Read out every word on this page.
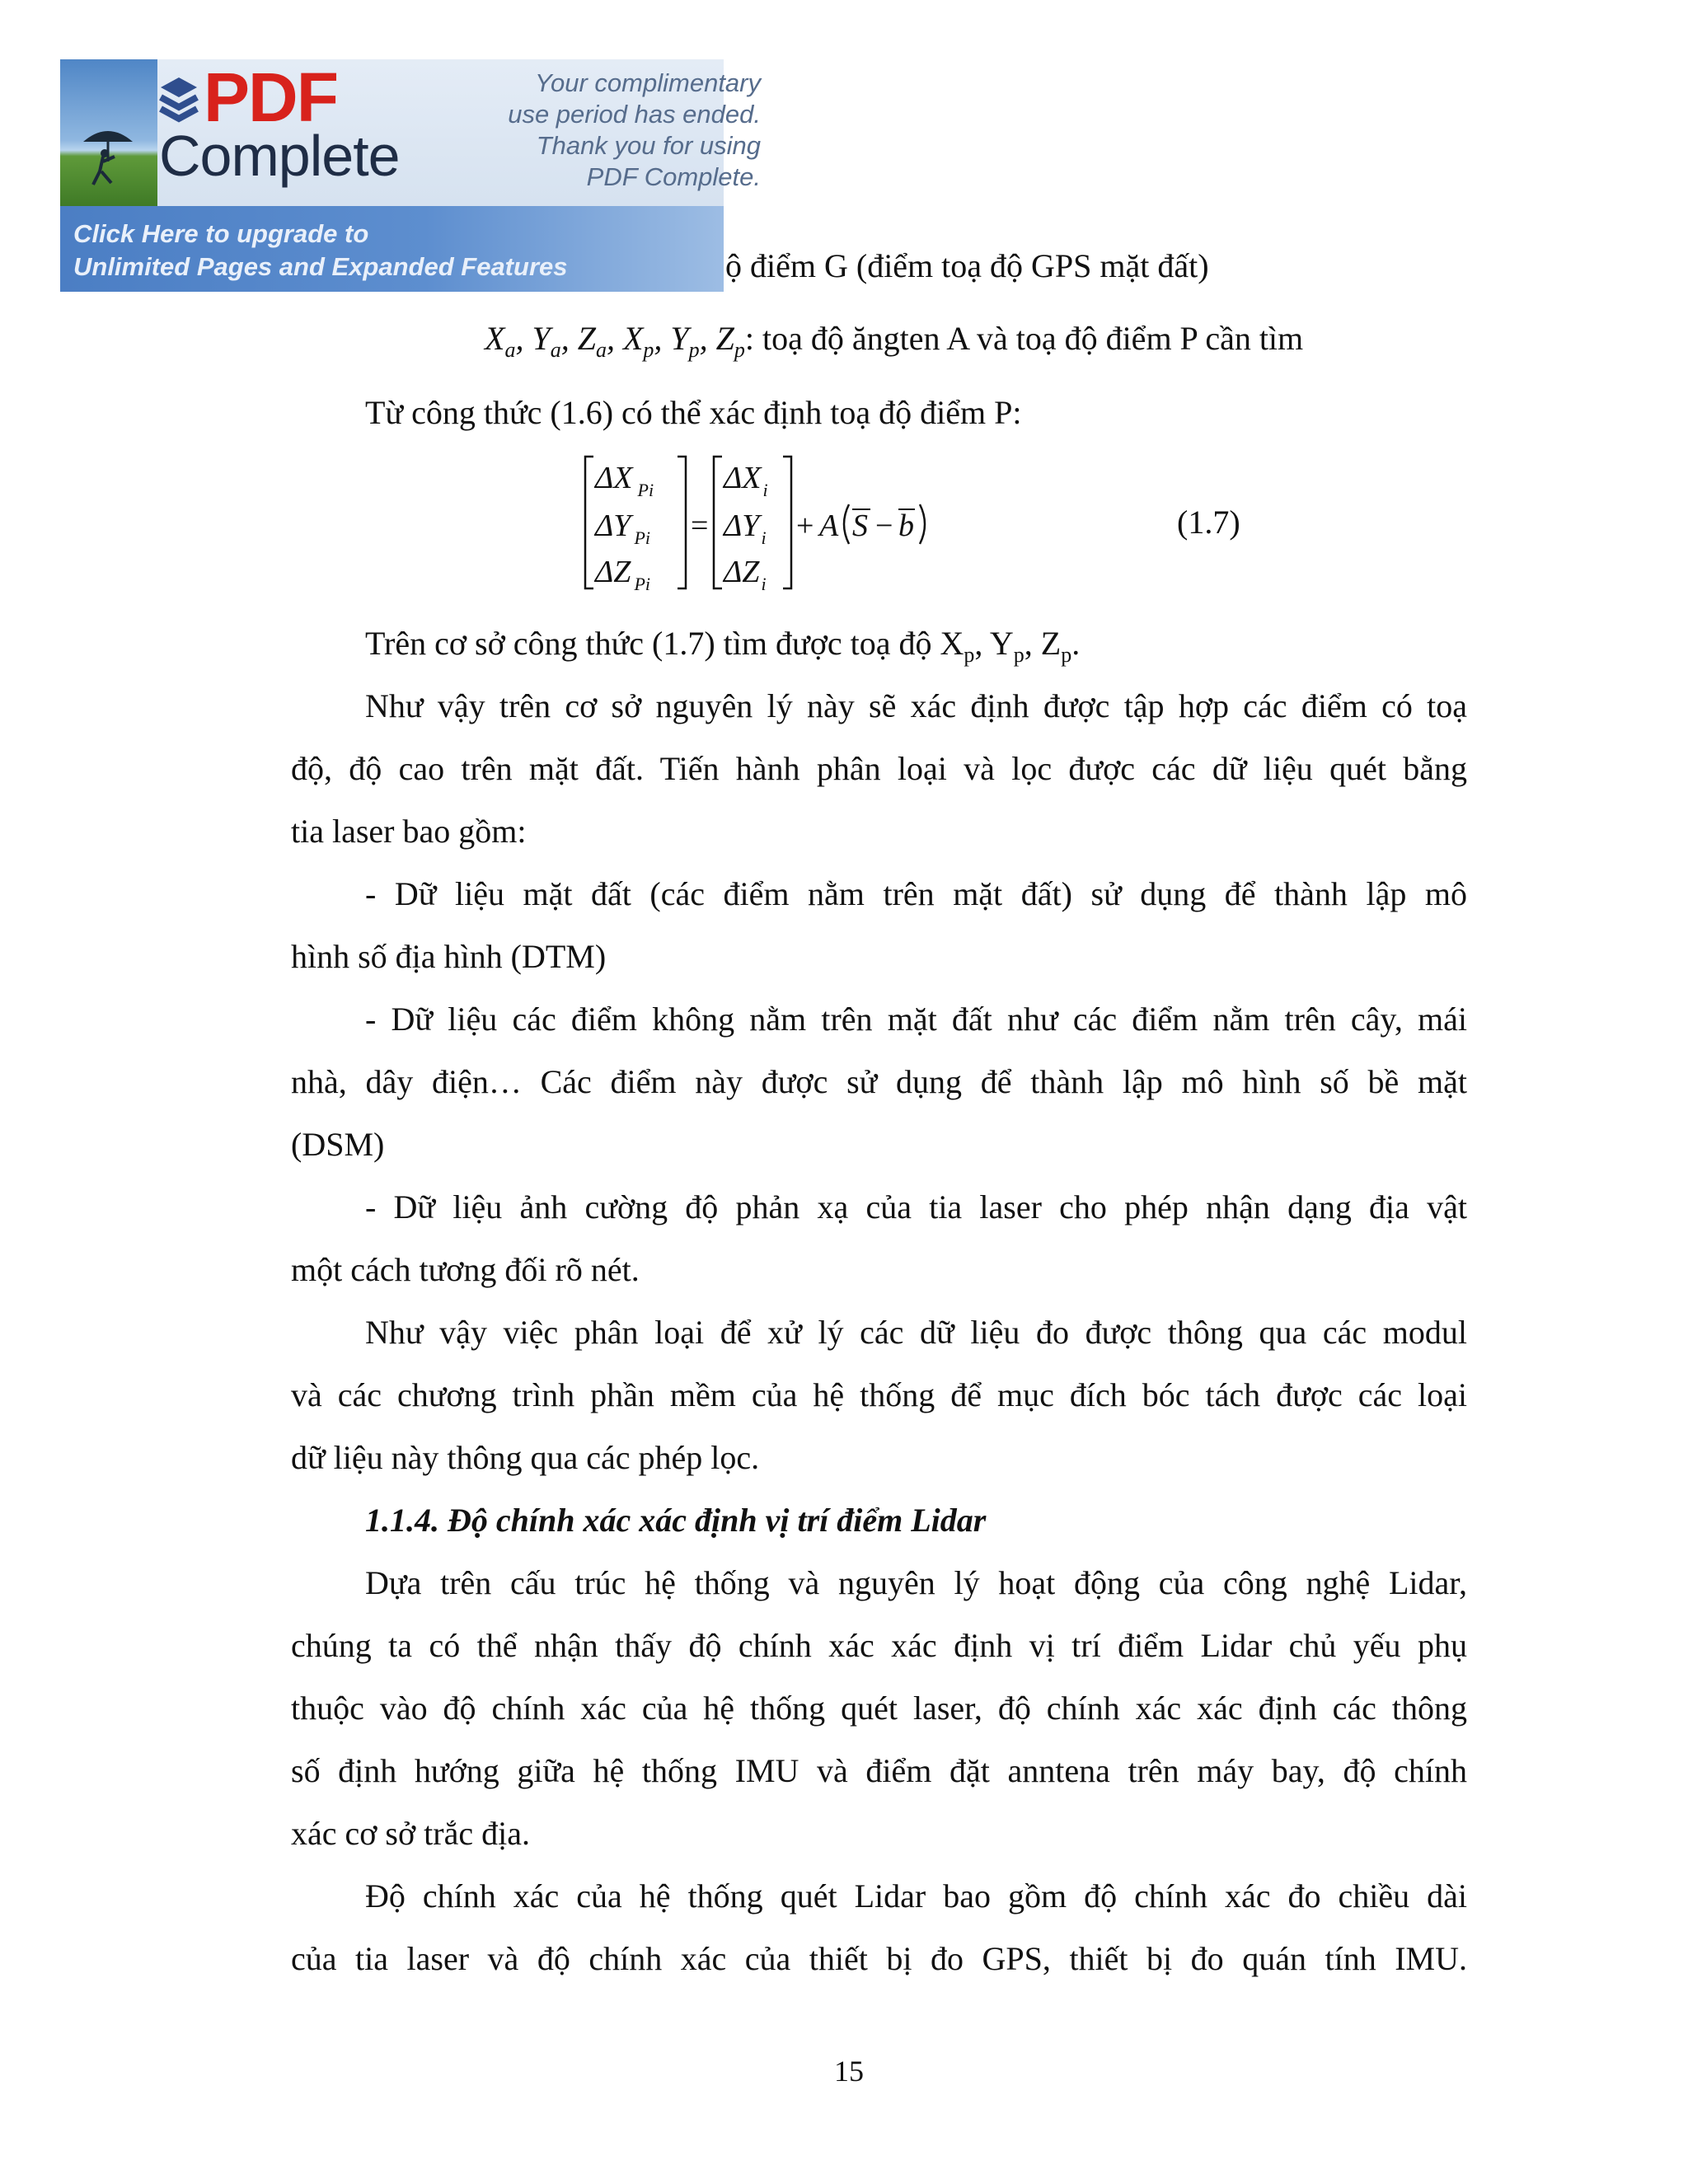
PDF
Complete
Your complimentary
use period has ended.
Thank you for using
PDF Complete.
Click Here to upgrade to
Unlimited Pages and Expanded Features	ộ điểm G (điểm toạ độ GPS mặt đất)
$X_a$, $Y_a$, $Z_a$, $X_p$, $Y_p$, $Z_p$: toạ độ ăngten A và toạ độ điểm P cần tìm
Từ công thức (1.6) có thể xác định toạ độ điểm P:
ΔX $_{Pi}$
ΔY $_{Pi}$
ΔZ $_{Pi}$
=
$\Delta X_i$
$\Delta Y_i$
$\Delta Z_i$
+ A S − b	(1.7)
Trên cơ sở công thức (1.7) tìm được toạ độ $X_p$, $Y_p$, $Z_p$.
Như vậy trên cơ sở nguyên lý này sẽ xác định được tập hợp các điểm có toạ
độ, độ cao trên mặt đất. Tiến hành phân loại và lọc được các dữ liệu quét bằng
tia laser bao gồm:
- Dữ liệu mặt đất (các điểm nằm trên mặt đất) sử dụng để thành lập mô
hình số địa hình (DTM)
- Dữ liệu các điểm không nằm trên mặt đất như các điểm nằm trên cây, mái
nhà, dây điện… Các điểm này được sử dụng để thành lập mô hình số bề mặt
(DSM)
- Dữ liệu ảnh cường độ phản xạ của tia laser cho phép nhận dạng địa vật
một cách tương đối rõ nét.
Như vậy việc phân loại để xử lý các dữ liệu đo được thông qua các modul
và các chương trình phần mềm của hệ thống để mục đích bóc tách được các loại
dữ liệu này thông qua các phép lọc.
1.1.4. Độ chính xác xác định vị trí điểm Lidar
Dựa trên cấu trúc hệ thống và nguyên lý hoạt động của công nghệ Lidar,
chúng ta có thể nhận thấy độ chính xác xác định vị trí điểm Lidar chủ yếu phụ
thuộc vào độ chính xác của hệ thống quét laser, độ chính xác xác định các thông
số định hướng giữa hệ thống IMU và điểm đặt anntena trên máy bay, độ chính
xác cơ sở trắc địa.
Độ chính xác của hệ thống quét Lidar bao gồm độ chính xác đo chiều dài
của tia laser và độ chính xác của thiết bị đo GPS, thiết bị đo quán tính IMU.
15
